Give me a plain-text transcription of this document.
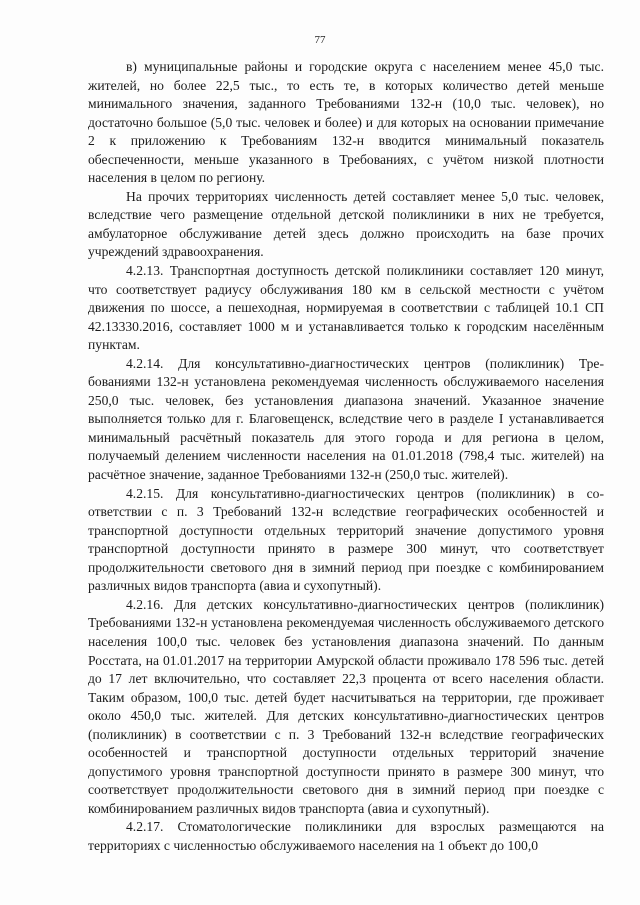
77

в) муниципальные районы и городские округа с населением менее 45,0 тыс. жителей, но более 22,5 тыс., то есть те, в которых количество детей меньше минимального значения, заданного Требованиями 132-н (10,0 тыс. человек), но достаточно большое (5,0 тыс. человек и более) и для которых на основании примечание 2 к приложению к Требованиям 132-н вводится минимальный показатель обеспеченности, меньше указанного в Требованиях, с учётом низкой плотности населения в целом по региону.

На прочих территориях численность детей составляет менее 5,0 тыс. человек, вследствие чего размещение отдельной детской поликлиники в них не требуется, амбулаторное обслуживание детей здесь должно происходить на базе прочих учреждений здравоохранения.

4.2.13. Транспортная доступность детской поликлиники составляет 120 минут, что соответствует радиусу обслуживания 180 км в сельской местности с учётом движения по шоссе, а пешеходная, нормируемая в соответствии с таблицей 10.1 СП 42.13330.2016, составляет 1000 м и устанавливается только к городским населённым пунктам.

4.2.14. Для консультативно-диагностических центров (поликлиник) Требованиями 132-н установлена рекомендуемая численность обслуживаемого населения 250,0 тыс. человек, без установления диапазона значений. Указанное значение выполняется только для г. Благовещенск, вследствие чего в разделе I устанавливается минимальный расчётный показатель для этого города и для региона в целом, получаемый делением численности населения на 01.01.2018 (798,4 тыс. жителей) на расчётное значение, заданное Требованиями 132-н (250,0 тыс. жителей).

4.2.15. Для консультативно-диагностических центров (поликлиник) в соответствии с п. 3 Требований 132-н вследствие географических особенностей и транспортной доступности отдельных территорий значение допустимого уровня транспортной доступности принято в размере 300 минут, что соответствует продолжительности светового дня в зимний период при поездке с комбинированием различных видов транспорта (авиа и сухопутный).

4.2.16. Для детских консультативно-диагностических центров (поликлиник) Требованиями 132-н установлена рекомендуемая численность обслуживаемого детского населения 100,0 тыс. человек без установления диапазона значений. По данным Росстата, на 01.01.2017 на территории Амурской области проживало 178 596 тыс. детей до 17 лет включительно, что составляет 22,3 процента от всего населения области. Таким образом, 100,0 тыс. детей будет насчитываться на территории, где проживает около 450,0 тыс. жителей. Для детских консультативно-диагностических центров (поликлиник) в соответствии с п. 3 Требований 132-н вследствие географических особенностей и транспортной доступности отдельных территорий значение допустимого уровня транспортной доступности принято в размере 300 минут, что соответствует продолжительности светового дня в зимний период при поездке с комбинированием различных видов транспорта (авиа и сухопутный).

4.2.17. Стоматологические поликлиники для взрослых размещаются на территориях с численностью обслуживаемого населения на 1 объект до 100,0
